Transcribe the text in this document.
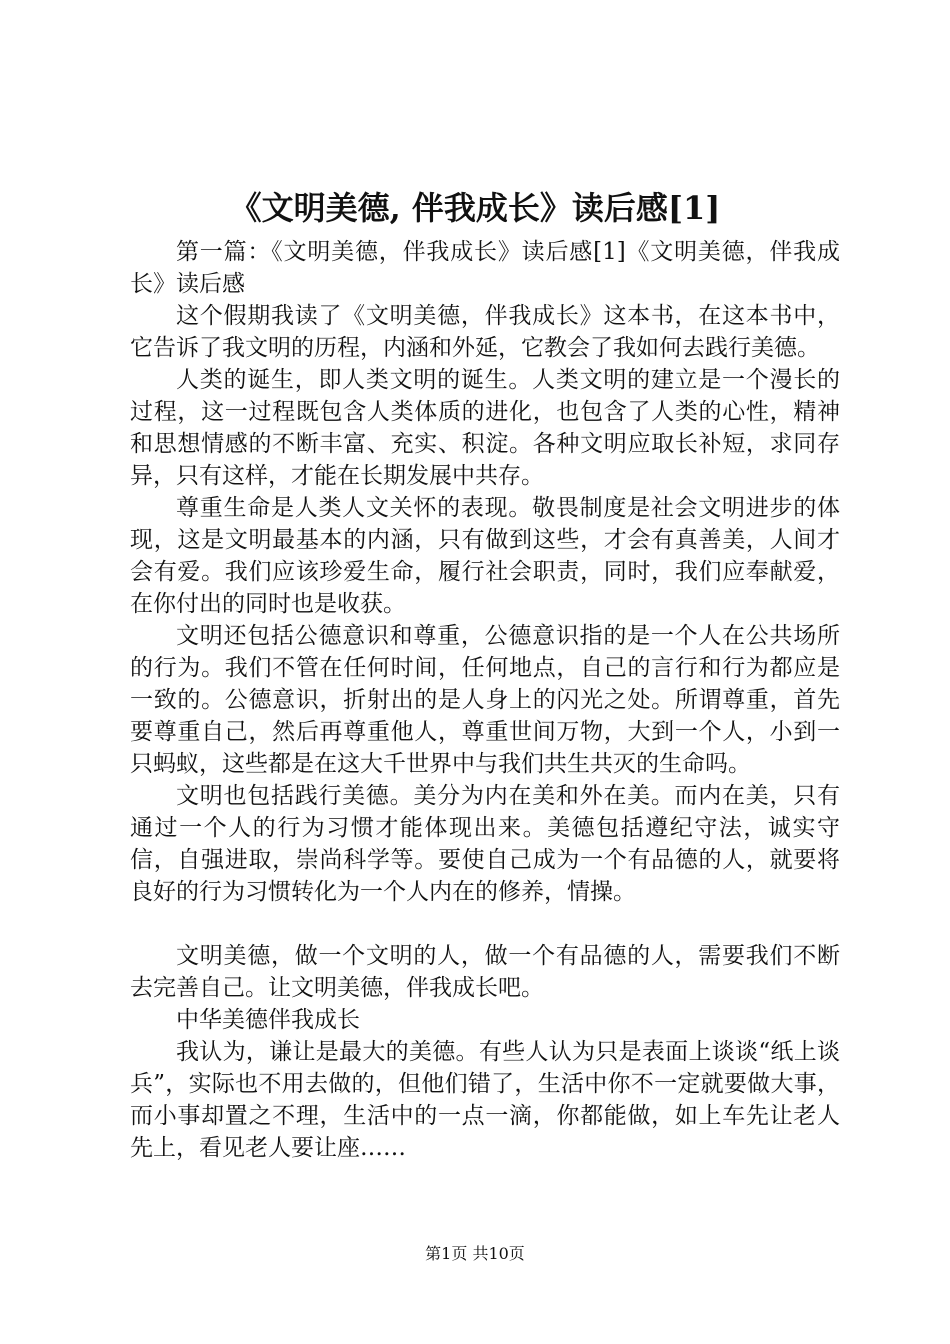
《文明美德, 伴我成长》读后感[1]

第一篇：《文明美德，伴我成长》读后感[1]《文明美德，伴我成长》读后感

这个假期我读了《文明美德，伴我成长》这本书，在这本书中，它告诉了我文明的历程，内涵和外延，它教会了我如何去践行美德。

人类的诞生，即人类文明的诞生。人类文明的建立是一个漫长的过程，这一过程既包含人类体质的进化，也包含了人类的心性，精神和思想情感的不断丰富、充实、积淀。各种文明应取长补短，求同存异，只有这样，才能在长期发展中共存。

尊重生命是人类人文关怀的表现。敬畏制度是社会文明进步的体现，这是文明最基本的内涵，只有做到这些，才会有真善美，人间才会有爱。我们应该珍爱生命，履行社会职责，同时，我们应奉献爱，在你付出的同时也是收获。

文明还包括公德意识和尊重，公德意识指的是一个人在公共场所的行为。我们不管在任何时间，任何地点，自己的言行和行为都应是一致的。公德意识，折射出的是人身上的闪光之处。所谓尊重，首先要尊重自己，然后再尊重他人，尊重世间万物，大到一个人，小到一只蚂蚁，这些都是在这大千世界中与我们共生共灭的生命吗。

文明也包括践行美德。美分为内在美和外在美。而内在美，只有通过一个人的行为习惯才能体现出来。美德包括遵纪守法，诚实守信，自强进取，崇尚科学等。要使自己成为一个有品德的人，就要将良好的行为习惯转化为一个人内在的修养，情操。

文明美德，做一个文明的人，做一个有品德的人，需要我们不断去完善自己。让文明美德，伴我成长吧。

中华美德伴我成长

我认为，谦让是最大的美德。有些人认为只是表面上谈谈“纸上谈兵”，实际也不用去做的，但他们错了，生活中你不一定就要做大事，而小事却置之不理，生活中的一点一滴，你都能做，如上车先让老人先上，看见老人要让座……

第1页 共10页
